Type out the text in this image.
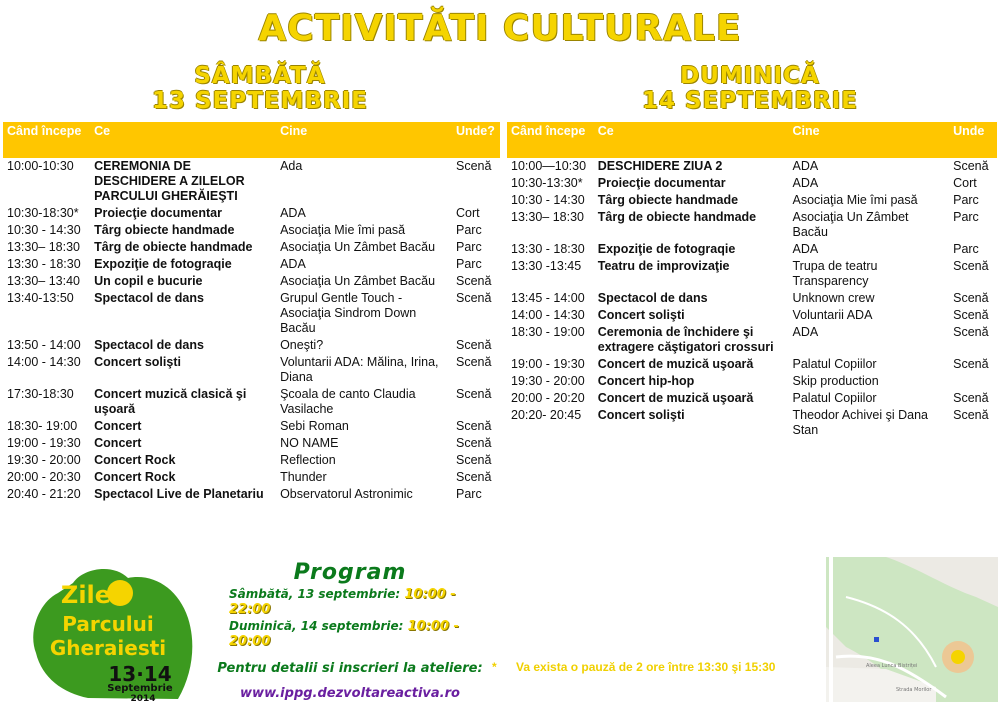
ACTIVITĂTI CULTURALE
SÂMBĂTĂ
13 SEPTEMBRIE
DUMINICĂ
14 SEPTEMBRIE
Când începe	Ce	Cine	Unde?
10:00-10:30	CEREMONIA DE DESCHIDERE A ZILELOR PARCULUI GHERĂIEŞTI	Ada	Scenă
10:30-18:30*	Proiecţie documentar	ADA	Cort
10:30 - 14:30	Târg obiecte handmade	Asociaţia Mie îmi pasă	Parc
13:30– 18:30	Târg de obiecte handmade	Asociaţia Un Zâmbet Bacău	Parc
13:30 - 18:30	Expoziţie de fotograqie	ADA	Parc
13:30– 13:40	Un copil e bucurie	Asociaţia Un Zâmbet Bacău	Scenă
13:40-13:50	Spectacol de dans	Grupul Gentle Touch - Asociaţia Sindrom Down Bacău	Scenă
13:50 - 14:00	Spectacol de dans	Oneşti?	Scenă
14:00 - 14:30	Concert solişti	Voluntarii ADA: Mălina, Irina, Diana	Scenă
17:30-18:30	Concert muzică clasică şi uşoară	Şcoala de canto Claudia Vasilache	Scenă
18:30- 19:00	Concert	Sebi Roman	Scenă
19:00 - 19:30	Concert	NO NAME	Scenă
19:30 - 20:00	Concert Rock	Reflection	Scenă
20:00 - 20:30	Concert Rock	Thunder	Scenă
20:40 - 21:20	Spectacol Live de Planetariu	Observatorul Astronimic	Parc
Când începe	Ce	Cine	Unde
10:00—10:30	DESCHIDERE ZIUA 2	ADA	Scenă
10:30-13:30*	Proiecţie documentar	ADA	Cort
10:30 - 14:30	Târg obiecte handmade	Asociaţia Mie îmi pasă	Parc
13:30– 18:30	Târg de obiecte handmade	Asociaţia Un Zâmbet Bacău	Parc
13:30 - 18:30	Expoziţie de fotograqie	ADA	Parc
13:30 -13:45	Teatru de improvizaţie	Trupa de teatru Transparency	Scenă
13:45 - 14:00	Spectacol de dans	Unknown crew	Scenă
14:00 - 14:30	Concert solişti	Voluntarii ADA	Scenă
18:30 - 19:00	Ceremonia de închidere şi extragere căştigatori crossuri	ADA	Scenă
19:00 - 19:30	Concert de muzică uşoară	Palatul Copiilor	Scenă
19:30 - 20:00	Concert hip-hop	Skip production	
20:00 - 20:20	Concert de muzică uşoară	Palatul Copiilor	Scenă
20:20- 20:45	Concert solişti	Theodor Achivei şi Dana Stan	Scenă
Zile
Parcului
Gheraiesti
13·14
Septembrie
2014
Program
Sâmbătă, 13 septembrie: 10:00 - 22:00
Duminică, 14 septembrie: 10:00 - 20:00
Pentru detalii si inscrieri la ateliere:
www.ippg.dezvoltareactiva.ro
* Va exista o pauză de 2 ore între 13:30 şi 15:30	Aleea Lunca Bistriței
Strada Morilor
